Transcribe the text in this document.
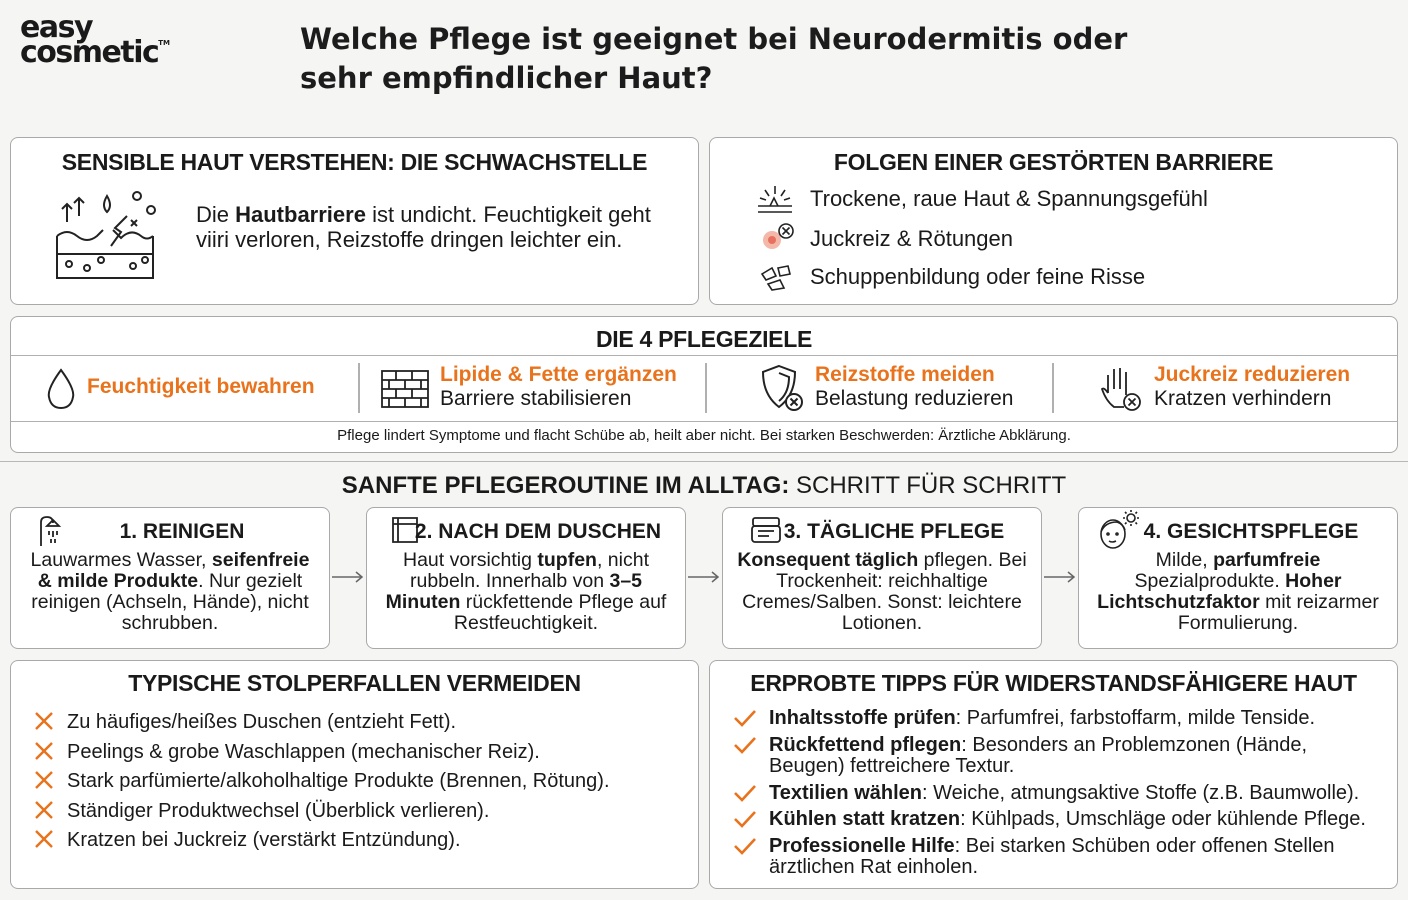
easy
cosmetic™	Welche Pflege ist geeignet bei Neurodermitis oder sehr empfindlicher Haut?
SENSIBLE HAUT VERSTEHEN: DIE SCHWACHSTELLE
Die Hautbarriere ist undicht. Feuchtigkeit geht viiri verloren, Reizstoffe dringen leichter ein.
FOLGEN EINER GESTÖRTEN BARRIERE
Trockene, raue Haut & Spannungsgefühl
Juckreiz & Rötungen
Schuppenbildung oder feine Risse
DIE 4 PFLEGEZIELE
Feuchtigkeit bewahren
Lipide & Fette ergänzen
Barriere stabilisieren
Reizstoffe meiden
Belastung reduzieren
Juckreiz reduzieren
Kratzen verhindern
Pflege lindert Symptome und flacht Schübe ab, heilt aber nicht. Bei starken Beschwerden: Ärztliche Abklärung.
SANFTE PFLEGEROUTINE IM ALLTAG: SCHRITT FÜR SCHRITT
1. REINIGEN
Lauwarmes Wasser, seifenfreie & milde Produkte. Nur gezielt reinigen (Achseln, Hände), nicht schrubben.
2. NACH DEM DUSCHEN
Haut vorsichtig tupfen, nicht rubbeln. Innerhalb von 3–5 Minuten rückfettende Pflege auf Restfeuchtigkeit.
3. TÄGLICHE PFLEGE
Konsequent täglich pflegen. Bei Trockenheit: reichhaltige Cremes/Salben. Sonst: leichtere Lotionen.
4. GESICHTSPFLEGE
Milde, parfumfreie Spezialprodukte. Hoher Lichtschutzfaktor mit reizarmer Formulierung.
TYPISCHE STOLPERFALLEN VERMEIDEN
Zu häufiges/heißes Duschen (entzieht Fett).
Peelings & grobe Waschlappen (mechanischer Reiz).
Stark parfümierte/alkoholhaltige Produkte (Brennen, Rötung).
Ständiger Produktwechsel (Überblick verlieren).
Kratzen bei Juckreiz (verstärkt Entzündung).
ERPROBTE TIPPS FÜR WIDERSTANDSFÄHIGERE HAUT
Inhaltsstoffe prüfen: Parfumfrei, farbstoffarm, milde Tenside.
Rückfettend pflegen: Besonders an Problemzonen (Hände, Beugen) fettreichere Textur.
Textilien wählen: Weiche, atmungsaktive Stoffe (z.B. Baumwolle).
Kühlen statt kratzen: Kühlpads, Umschläge oder kühlende Pflege.
Professionelle Hilfe: Bei starken Schüben oder offenen Stellen ärztlichen Rat einholen.
